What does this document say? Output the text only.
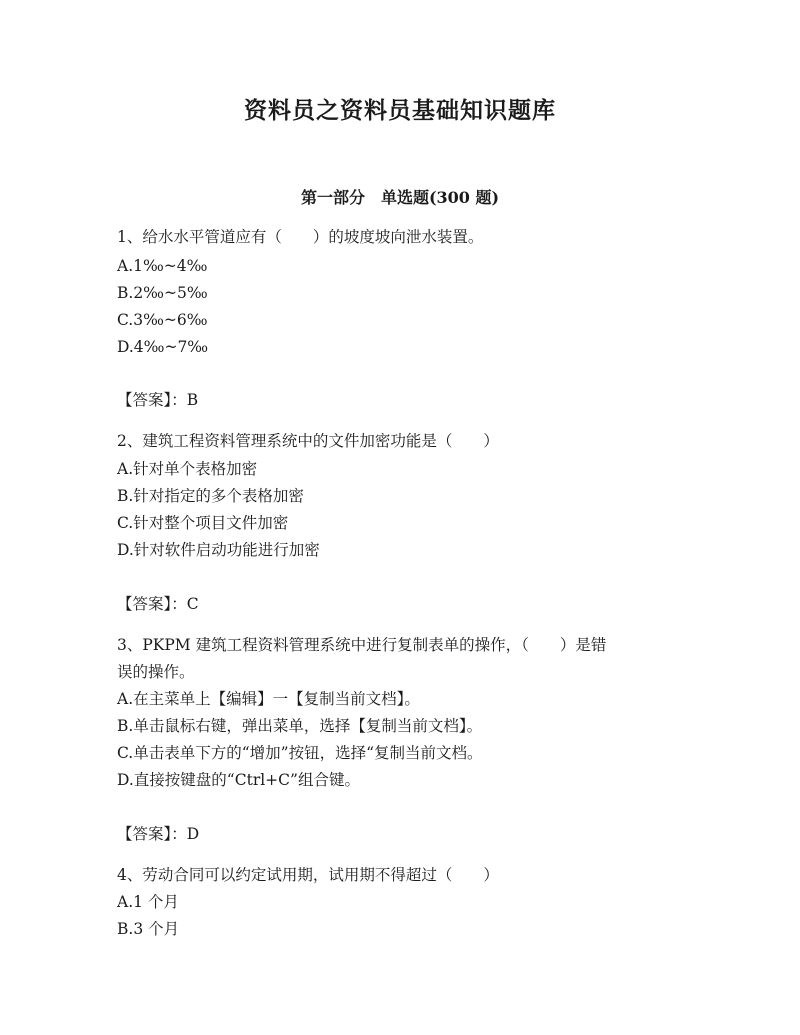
资料员之资料员基础知识题库
第一部分　单选题(300 题)
1、给水水平管道应有（　　）的坡度坡向泄水装置。
A.1‰~4‰
B.2‰~5‰
C.3‰~6‰
D.4‰~7‰
【答案】：B
2、建筑工程资料管理系统中的文件加密功能是（　　）
A.针对单个表格加密
B.针对指定的多个表格加密
C.针对整个项目文件加密
D.针对软件启动功能进行加密
【答案】：C
3、PKPM 建筑工程资料管理系统中进行复制表单的操作，（　　）是错
误的操作。
A.在主菜单上【编辑】一【复制当前文档】。
B.单击鼠标右键，弹出菜单，选择【复制当前文档】。
C.单击表单下方的“增加”按钮，选择“复制当前文档。
D.直接按键盘的“Ctrl+C”组合键。
【答案】：D
4、劳动合同可以约定试用期，试用期不得超过（　　）
A.1 个月
B.3 个月
